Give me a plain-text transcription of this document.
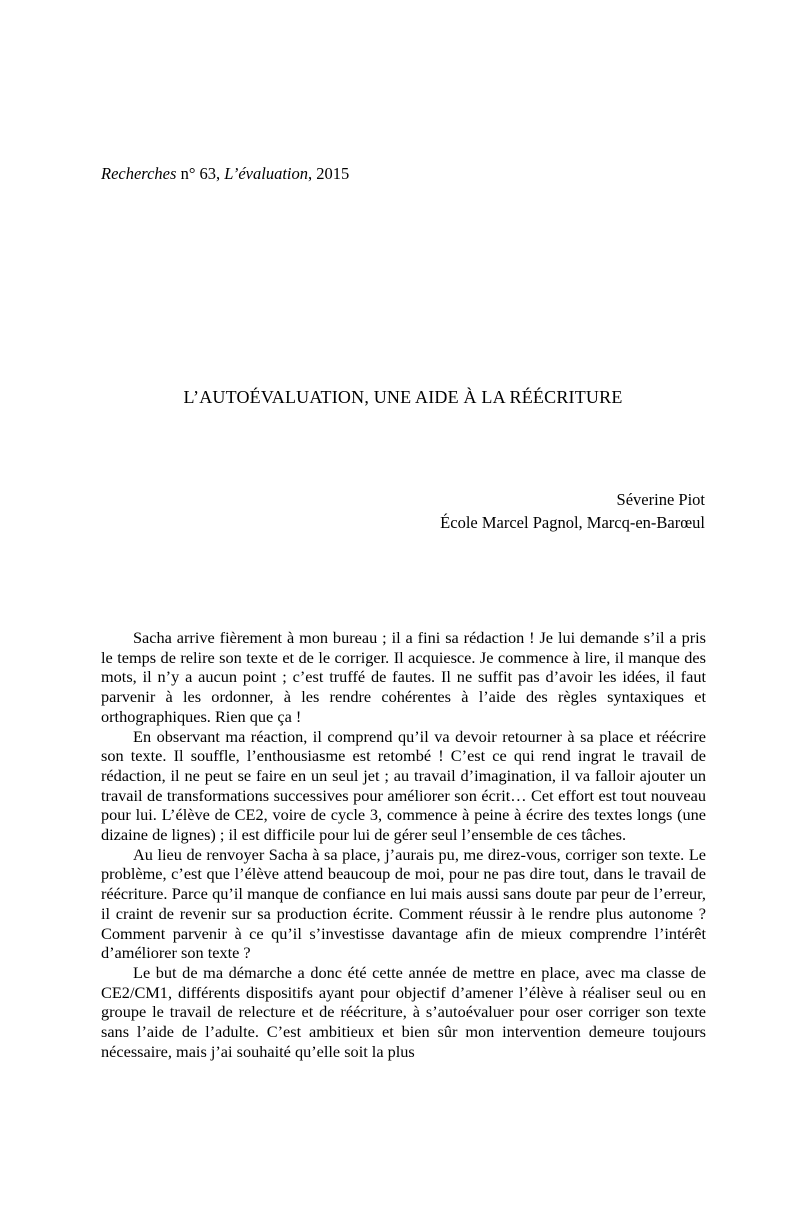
Recherches n° 63, L’évaluation, 2015
L’AUTOÉVALUATION, UNE AIDE À LA RÉÉCRITURE
Séverine Piot
École Marcel Pagnol, Marcq-en-Barœul

Sacha arrive fièrement à mon bureau ; il a fini sa rédaction ! Je lui demande s’il a pris le temps de relire son texte et de le corriger. Il acquiesce. Je commence à lire, il manque des mots, il n’y a aucun point ; c’est truffé de fautes. Il ne suffit pas d’avoir les idées, il faut parvenir à les ordonner, à les rendre cohérentes à l’aide des règles syntaxiques et orthographiques. Rien que ça !

En observant ma réaction, il comprend qu’il va devoir retourner à sa place et réécrire son texte. Il souffle, l’enthousiasme est retombé ! C’est ce qui rend ingrat le travail de rédaction, il ne peut se faire en un seul jet ; au travail d’imagination, il va falloir ajouter un travail de transformations successives pour améliorer son écrit… Cet effort est tout nouveau pour lui. L’élève de CE2, voire de cycle 3, commence à peine à écrire des textes longs (une dizaine de lignes) ; il est difficile pour lui de gérer seul l’ensemble de ces tâches.

Au lieu de renvoyer Sacha à sa place, j’aurais pu, me direz-vous, corriger son texte. Le problème, c’est que l’élève attend beaucoup de moi, pour ne pas dire tout, dans le travail de réécriture. Parce qu’il manque de confiance en lui mais aussi sans doute par peur de l’erreur, il craint de revenir sur sa production écrite. Comment réussir à le rendre plus autonome ? Comment parvenir à ce qu’il s’investisse davantage afin de mieux comprendre l’intérêt d’améliorer son texte ?

Le but de ma démarche a donc été cette année de mettre en place, avec ma classe de CE2/CM1, différents dispositifs ayant pour objectif d’amener l’élève à réaliser seul ou en groupe le travail de relecture et de réécriture, à s’autoévaluer pour oser corriger son texte sans l’aide de l’adulte. C’est ambitieux et bien sûr mon intervention demeure toujours nécessaire, mais j’ai souhaité qu’elle soit la plus
